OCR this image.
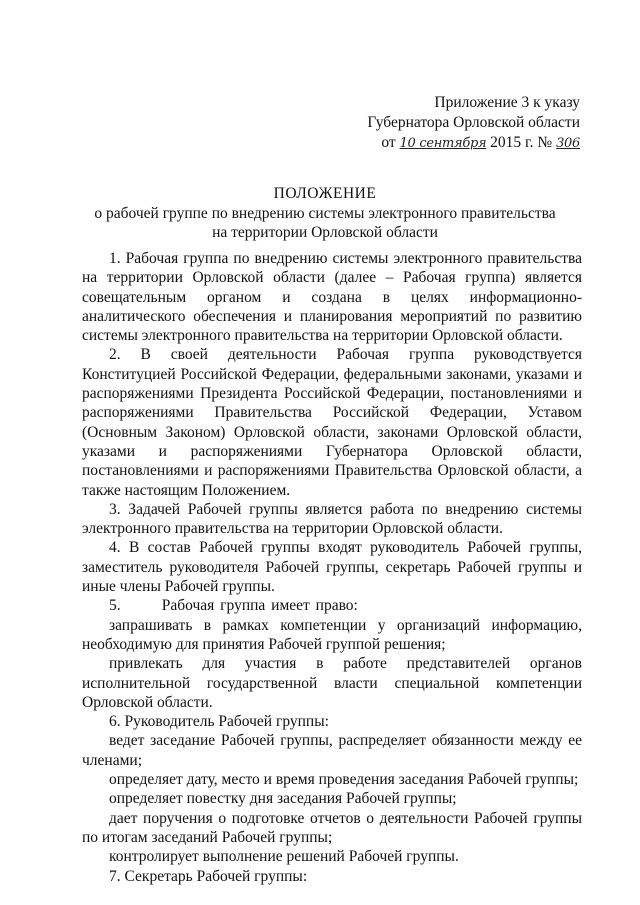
Приложение 3 к указу
Губернатора Орловской области
от 10 сентября 2015 г. № 306
ПОЛОЖЕНИЕ
о рабочей группе по внедрению системы электронного правительства
на территории Орловской области

1. Рабочая группа по внедрению системы электронного правительства на территории Орловской области (далее – Рабочая группа) является совещательным органом и создана в целях информационно-аналитического обеспечения и планирования мероприятий по развитию системы электронного правительства на территории Орловской области.

2. В своей деятельности Рабочая группа руководствуется Конституцией Российской Федерации, федеральными законами, указами и распоряжениями Президента Российской Федерации, постановлениями и распоряжениями Правительства Российской Федерации, Уставом (Основным Законом) Орловской области, законами Орловской области, указами и распоряжениями Губернатора Орловской области, постановлениями и распоряжениями Правительства Орловской области, а также настоящим Положением.

3. Задачей Рабочей группы является работа по внедрению системы электронного правительства на территории Орловской области.

4. В состав Рабочей группы входят руководитель Рабочей группы, заместитель руководителя Рабочей группы, секретарь Рабочей группы и иные члены Рабочей группы.

5.       Рабочая группа имеет право:

запрашивать в рамках компетенции у организаций информацию, необходимую для принятия Рабочей группой решения;

привлекать для участия в работе представителей органов исполнительной государственной власти специальной компетенции Орловской области.

6. Руководитель Рабочей группы:

ведет заседание Рабочей группы, распределяет обязанности между ее членами;

определяет дату, место и время проведения заседания Рабочей группы;

определяет повестку дня заседания Рабочей группы;

дает поручения о подготовке отчетов о деятельности Рабочей группы по итогам заседаний Рабочей группы;

контролирует выполнение решений Рабочей группы.

7. Секретарь Рабочей группы:
